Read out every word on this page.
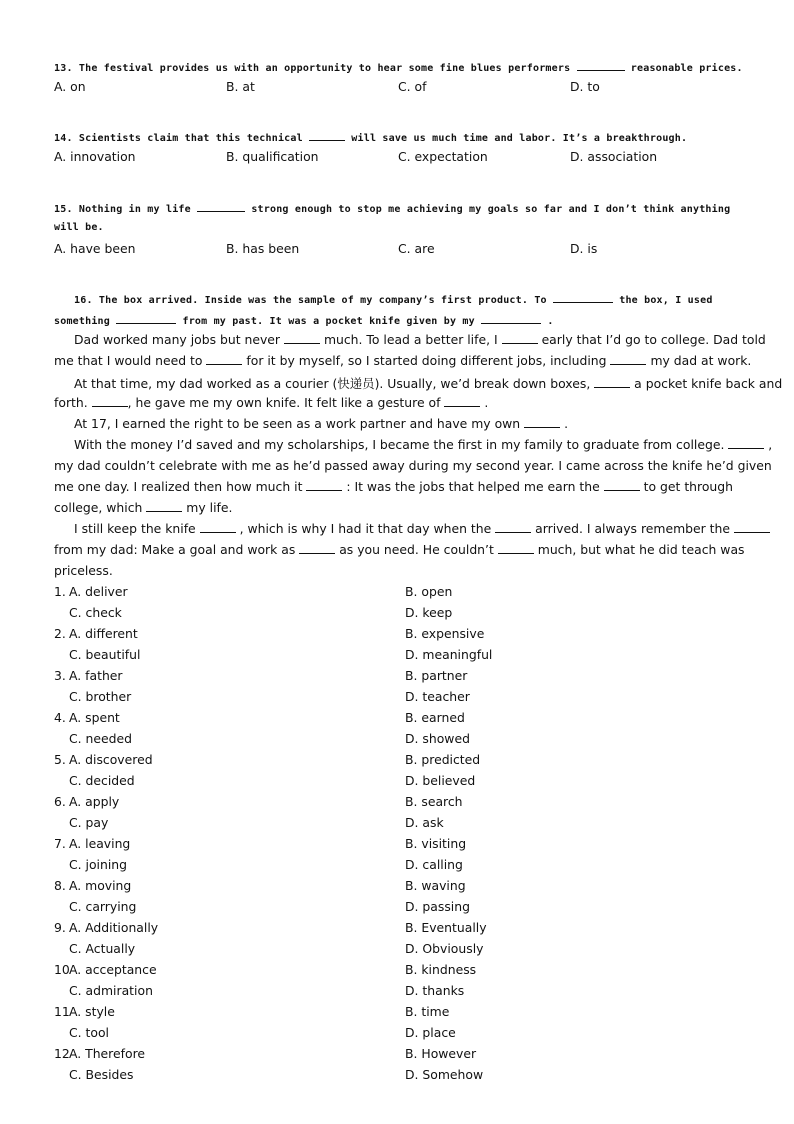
13. The festival provides us with an opportunity to hear some fine blues performers	reasonable prices.
A. on	B. at	C. of	D. to
14. Scientists claim that this technical	will save us much time and labor. It’s a breakthrough.
A. innovation	B. qualification	C. expectation	D. association
15. Nothing in my life	strong enough to stop me achieving my goals so far and I don’t think anything
will be.
A. have been	B. has been	C. are	D. is
16. The box arrived. Inside was the sample of my company’s first product. To	the box, I used
something	from my past. It was a pocket knife given by my	.
Dad worked many jobs but never	much. To lead a better life, I	early that I’d go to college. Dad told
me that I would need to	for it by myself, so I started doing different jobs, including	my dad at work.
At that time, my dad worked as a courier (快递员). Usually, we’d break down boxes,	a pocket knife back and
forth.	, he gave me my own knife. It felt like a gesture of	.
At 17, I earned the right to be seen as a work partner and have my own	.
With the money I’d saved and my scholarships, I became the first in my family to graduate from college.	,
my dad couldn’t celebrate with me as he’d passed away during my second year. I came across the knife he’d given
me one day. I realized then how much it	: It was the jobs that helped me earn the	to get through
college, which	my life.
I still keep the knife	, which is why I had it that day when the	arrived. I always remember the
from my dad: Make a goal and work as	as you need. He couldn’t	much, but what he did teach was
priceless.
1. A. deliver	B. open
C. check	D. keep
2. A. different	B. expensive
C. beautiful	D. meaningful
3. A. father	B. partner
C. brother	D. teacher
4. A. spent	B. earned
C. needed	D. showed
5. A. discovered	B. predicted
C. decided	D. believed
6. A. apply	B. search
C. pay	D. ask
7. A. leaving	B. visiting
C. joining	D. calling
8. A. moving	B. waving
C. carrying	D. passing
9. A. Additionally	B. Eventually
C. Actually	D. Obviously
10 A. acceptance	B. kindness
C. admiration	D. thanks
11 A. style	B. time
C. tool	D. place
12 A. Therefore	B. However
C. Besides	D. Somehow
